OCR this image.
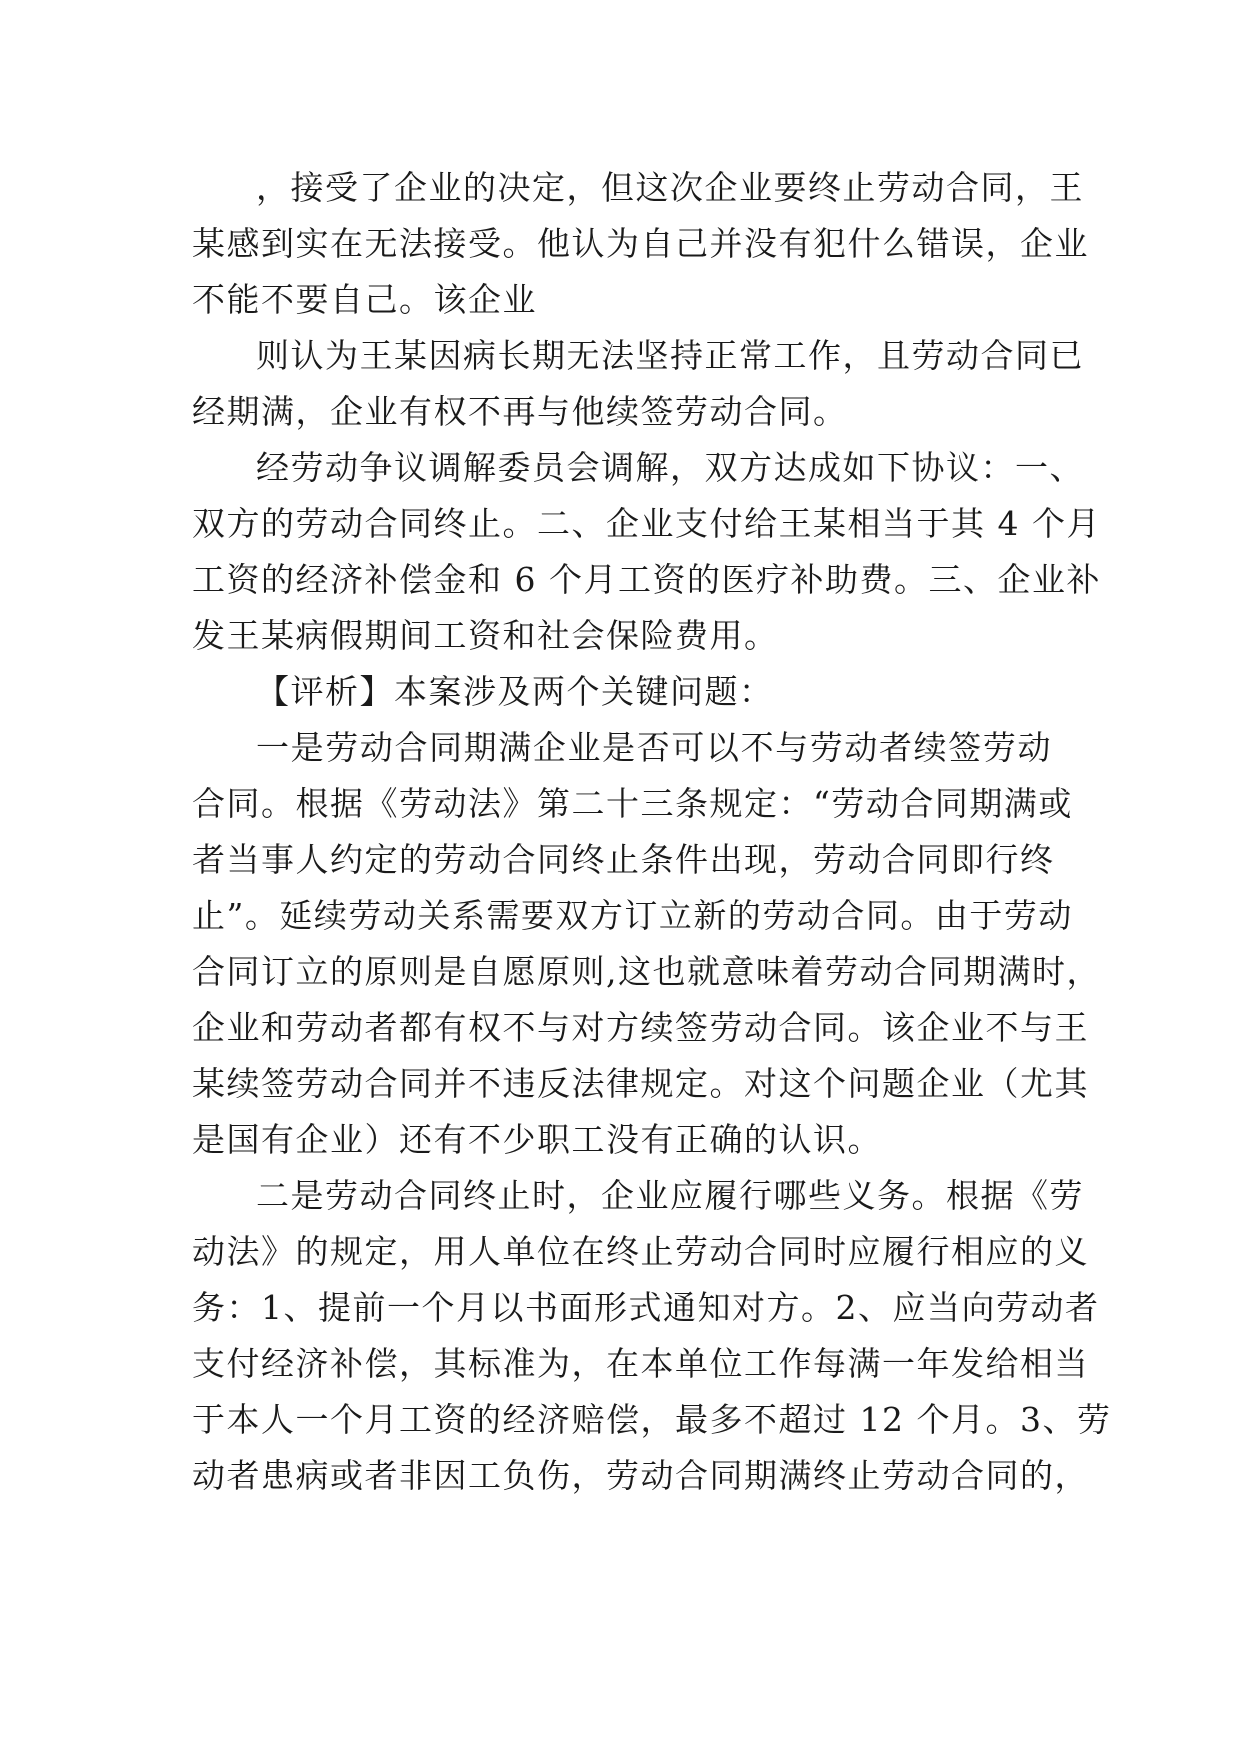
，接受了企业的决定，但这次企业要终止劳动合同，王
某感到实在无法接受。他认为自己并没有犯什么错误，企业
不能不要自己。该企业
则认为王某因病长期无法坚持正常工作，且劳动合同已
经期满，企业有权不再与他续签劳动合同。
经劳动争议调解委员会调解，双方达成如下协议：一、
双方的劳动合同终止。二、企业支付给王某相当于其 4 个月
工资的经济补偿金和 6 个月工资的医疗补助费。三、企业补
发王某病假期间工资和社会保险费用。
【评析】本案涉及两个关键问题：
一是劳动合同期满企业是否可以不与劳动者续签劳动
合同。根据《劳动法》第二十三条规定：“劳动合同期满或
者当事人约定的劳动合同终止条件出现，劳动合同即行终
止”。延续劳动关系需要双方订立新的劳动合同。由于劳动
合同订立的原则是自愿原则,这也就意味着劳动合同期满时，
企业和劳动者都有权不与对方续签劳动合同。该企业不与王
某续签劳动合同并不违反法律规定。对这个问题企业（尤其
是国有企业）还有不少职工没有正确的认识。
二是劳动合同终止时，企业应履行哪些义务。根据《劳
动法》的规定，用人单位在终止劳动合同时应履行相应的义
务：1、提前一个月以书面形式通知对方。2、应当向劳动者
支付经济补偿，其标准为，在本单位工作每满一年发给相当
于本人一个月工资的经济赔偿，最多不超过 12 个月。3、劳
动者患病或者非因工负伤，劳动合同期满终止劳动合同的，
